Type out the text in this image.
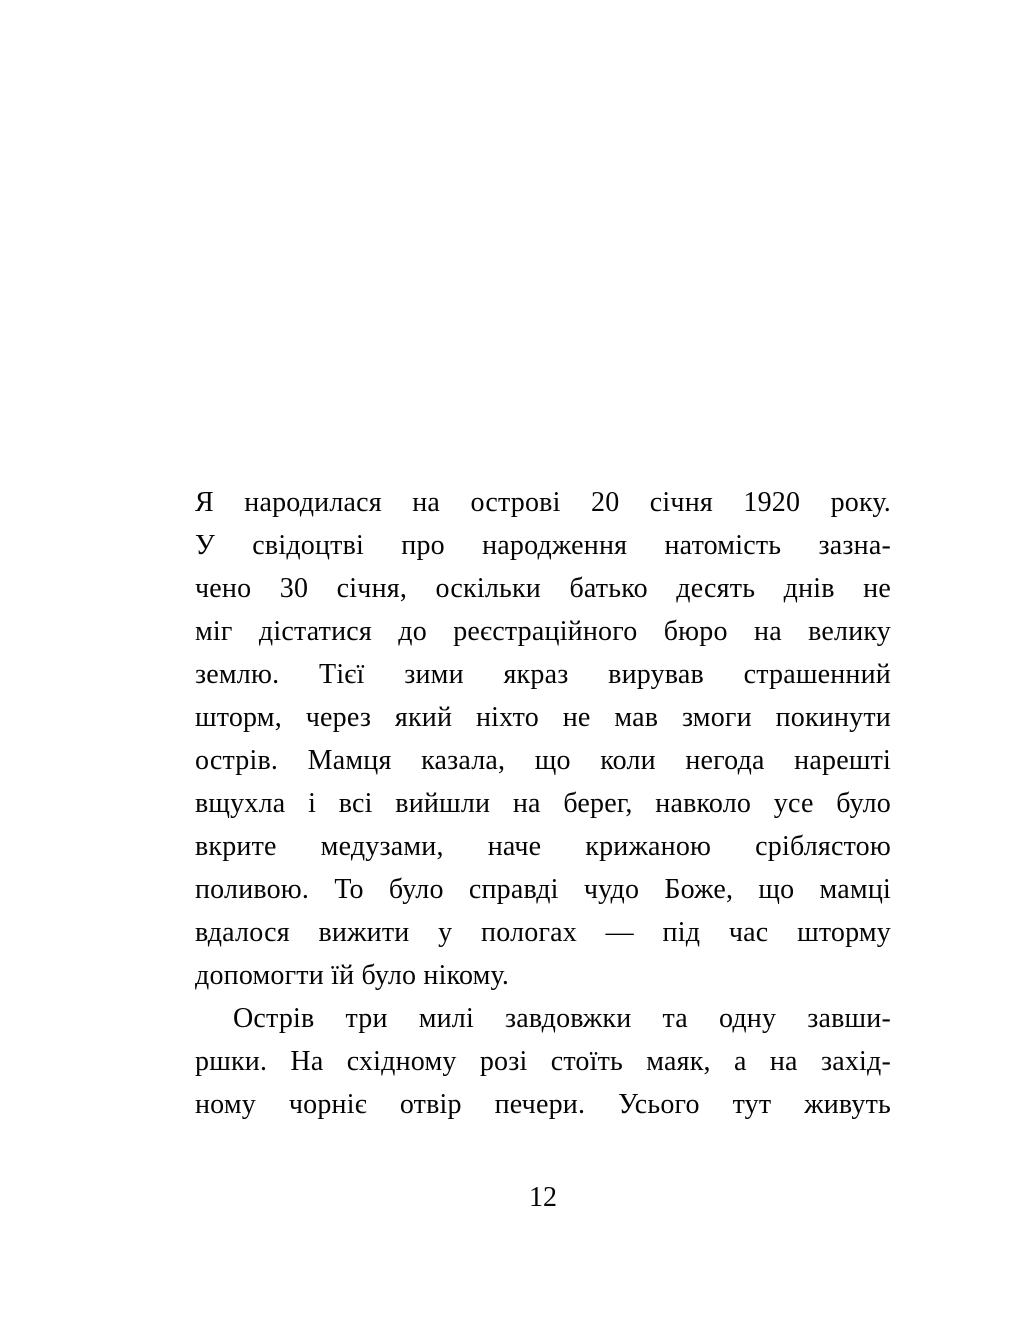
Я народилася на острові 20 січня 1920 року.
У свідоцтві про народження натомість зазна-
чено 30 січня, оскільки батько десять днів не
міг дістатися до реєстраційного бюро на велику
землю. Тієї зими якраз вирував страшенний
шторм, через який ніхто не мав змоги покинути
острів. Мамця казала, що коли негода нарешті
вщухла і всі вийшли на берег, навколо усе було
вкрите медузами, наче крижаною сріблястою
поливою. То було справді чудо Боже, що мамці
вдалося вижити у пологах — під час шторму
допомогти їй було нікому.
Острів три милі завдовжки та одну завши-
ршки. На східному розі стоїть маяк, а на захід-
ному чорніє отвір печери. Усього тут живуть
12
